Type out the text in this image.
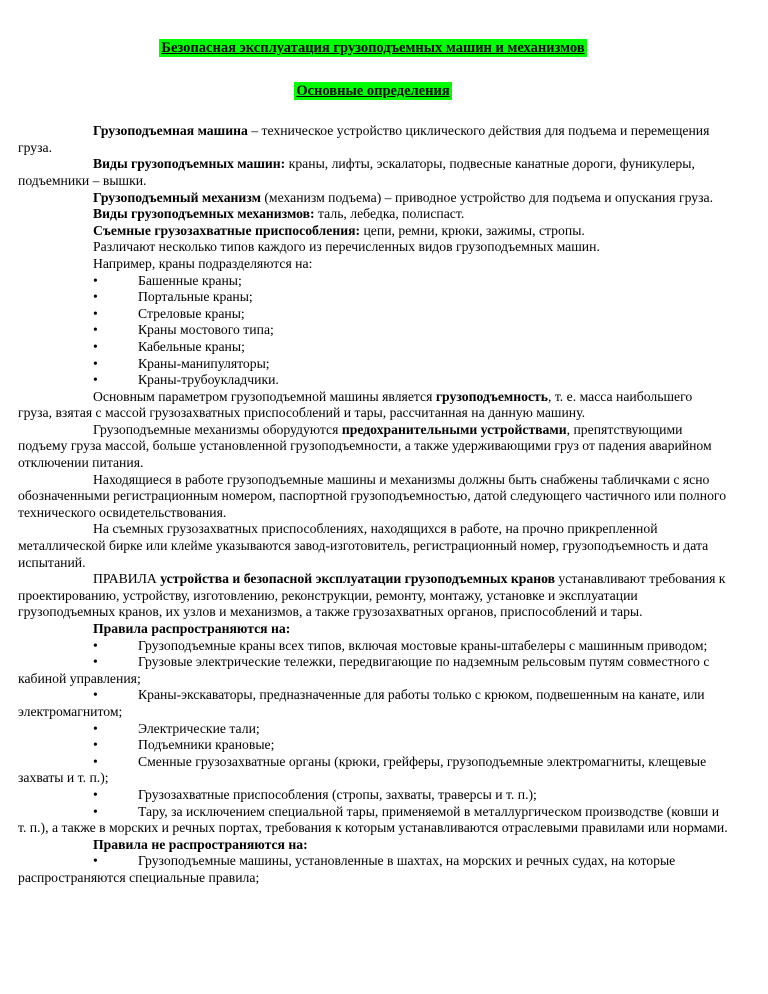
Безопасная эксплуатация грузоподъемных машин и механизмов
Основные определения

Грузоподъемная машина – техническое устройство циклического действия для подъема и перемещения груза.

Виды грузоподъемных машин: краны, лифты, эскалаторы, подвесные канатные дороги, фуникулеры, подъемники – вышки.

Грузоподъемный механизм (механизм подъема) – приводное устройство для подъема и опускания груза.

Виды грузоподъемных механизмов: таль, лебедка, полиспаст.

Съемные грузозахватные приспособления: цепи, ремни, крюки, зажимы, стропы.

Различают несколько типов каждого из перечисленных видов грузоподъемных машин.

Например, краны подразделяются на:

• Башенные краны;
• Портальные краны;
• Стреловые краны;
• Краны мостового типа;
• Кабельные краны;
• Краны-манипуляторы;
• Краны-трубоукладчики.

Основным параметром грузоподъемной машины является грузоподъемность, т. е. масса наибольшего груза, взятая с массой грузозахватных приспособлений и тары, рассчитанная на данную машину.

Грузоподъемные механизмы оборудуются предохранительными устройствами, препятствующими подъему груза массой, больше установленной грузоподъемности, а также удерживающими груз от падения аварийном отключении питания.

Находящиеся в работе грузоподъемные машины и механизмы должны быть снабжены табличками с ясно обозначенными регистрационным номером, паспортной грузоподъемностью, датой следующего частичного или полного технического освидетельствования.

На съемных грузозахватных приспособлениях, находящихся в работе, на прочно прикрепленной металлической бирке или клейме указываются завод-изготовитель, регистрационный номер, грузоподъемность и дата испытаний.

ПРАВИЛА устройства и безопасной эксплуатации грузоподъемных кранов устанавливают требования к проектированию, устройству, изготовлению, реконструкции, ремонту, монтажу, установке и эксплуатации грузоподъемных кранов, их узлов и механизмов, а также грузозахватных органов, приспособлений и тары.

Правила распространяются на:

• Грузоподъемные краны всех типов, включая мостовые краны-штабелеры с машинным приводом;
• Грузовые электрические тележки, передвигающие по надземным рельсовым путям совместного с кабиной управления;
• Краны-экскаваторы, предназначенные для работы только с крюком, подвешенным на канате, или электромагнитом;
• Электрические тали;
• Подъемники крановые;
• Сменные грузозахватные органы (крюки, грейферы, грузоподъемные электромагниты, клещевые захваты и т. п.);
• Грузозахватные приспособления (стропы, захваты, траверсы и т. п.);
• Тару, за исключением специальной тары, применяемой в металлургическом производстве (ковши и т. п.), а также в морских и речных портах, требования к которым устанавливаются отраслевыми правилами или нормами.

Правила не распространяются на:

• Грузоподъемные машины, установленные в шахтах, на морских и речных судах, на которые распространяются специальные правила;
